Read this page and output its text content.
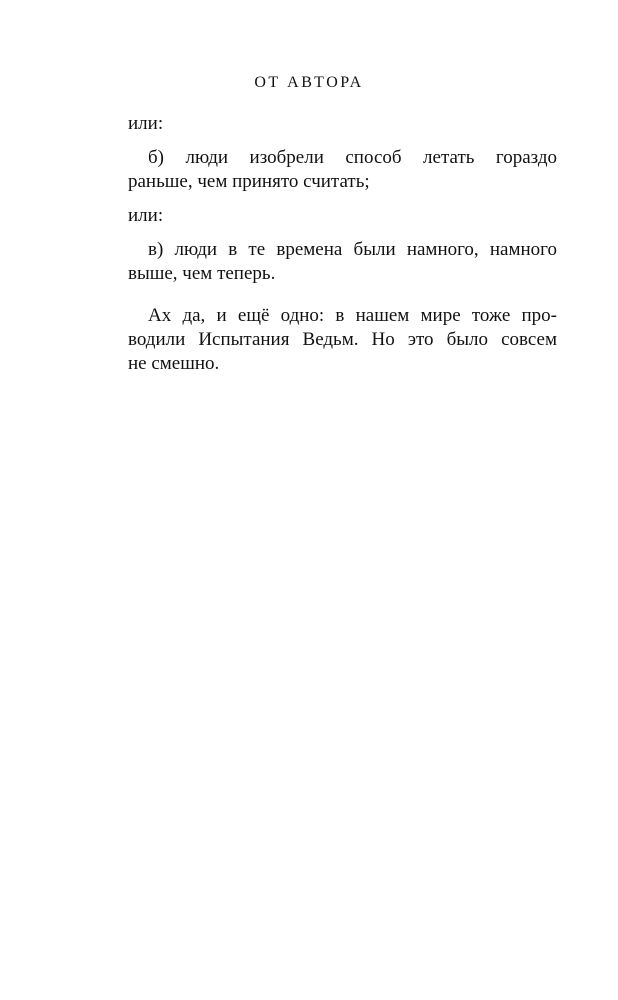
ОТ АВТОРА
или:
б) люди изобрели способ летать гораздо
раньше, чем принято считать;
или:
в) люди в те времена были намного, намного
выше, чем теперь.
Ах да, и ещё одно: в нашем мире тоже про-
водили Испытания Ведьм. Но это было совсем
не смешно.
